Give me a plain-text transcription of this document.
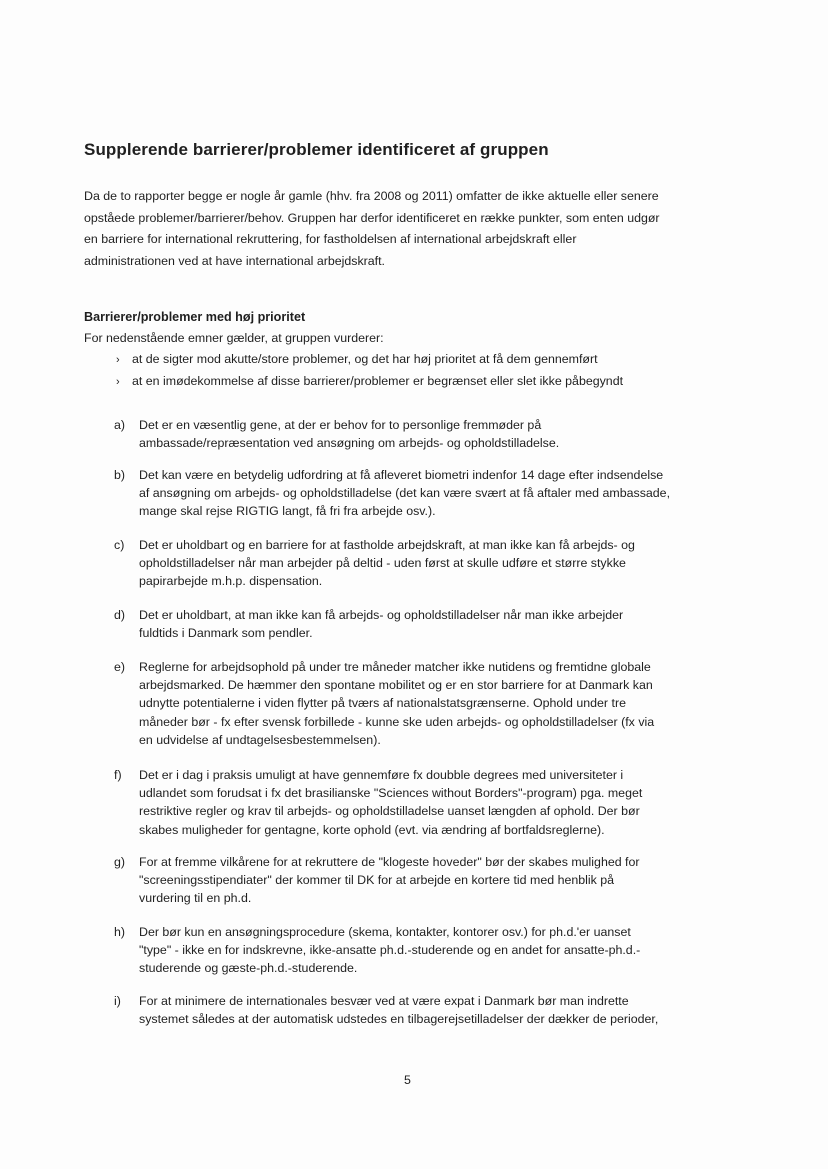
Supplerende barrierer/problemer identificeret af gruppen
Da de to rapporter begge er nogle år gamle (hhv. fra 2008 og 2011) omfatter de ikke aktuelle eller senere
opståede problemer/barrierer/behov. Gruppen har derfor identificeret en række punkter, som enten udgør
en barriere for international rekruttering, for fastholdelsen af international arbejdskraft eller
administrationen ved at have international arbejdskraft.
Barrierer/problemer med høj prioritet
For nedenstående emner gælder, at gruppen vurderer:
› at de sigter mod akutte/store problemer, og det har høj prioritet at få dem gennemført
› at en imødekommelse af disse barrierer/problemer er begrænset eller slet ikke påbegyndt
a)	Det er en væsentlig gene, at der er behov for to personlige fremmøder på
ambassade/repræsentation ved ansøgning om arbejds- og opholdstilladelse.
b)	Det kan være en betydelig udfordring at få afleveret biometri indenfor 14 dage efter indsendelse
af ansøgning om arbejds- og opholdstilladelse (det kan være svært at få aftaler med ambassade,
mange skal rejse RIGTIG langt, få fri fra arbejde osv.).
c)	Det er uholdbart og en barriere for at fastholde arbejdskraft, at man ikke kan få arbejds- og
opholdstilladelser når man arbejder på deltid - uden først at skulle udføre et større stykke
papirarbejde m.h.p. dispensation.
d)	Det er uholdbart, at man ikke kan få arbejds- og opholdstilladelser når man ikke arbejder
fuldtids i Danmark som pendler.
e)	Reglerne for arbejdsophold på under tre måneder matcher ikke nutidens og fremtidne globale
arbejdsmarked. De hæmmer den spontane mobilitet og er en stor barriere for at Danmark kan
udnytte potentialerne i viden flytter på tværs af nationalstatsgrænserne. Ophold under tre
måneder bør - fx efter svensk forbillede - kunne ske uden arbejds- og opholdstilladelser (fx via
en udvidelse af undtagelsesbestemmelsen).
f)	Det er i dag i praksis umuligt at have gennemføre fx doubble degrees med universiteter i
udlandet som forudsat i fx det brasilianske "Sciences without Borders"-program) pga. meget
restriktive regler og krav til arbejds- og opholdstilladelse uanset længden af ophold. Der bør
skabes muligheder for gentagne, korte ophold (evt. via ændring af bortfaldsreglerne).
g)	For at fremme vilkårene for at rekruttere de "klogeste hoveder" bør der skabes mulighed for
"screeningsstipendiater" der kommer til DK for at arbejde en kortere tid med henblik på
vurdering til en ph.d.
h)	Der bør kun en ansøgningsprocedure (skema, kontakter, kontorer osv.) for ph.d.'er uanset
"type" - ikke en for indskrevne, ikke-ansatte ph.d.-studerende og en andet for ansatte-ph.d.-
studerende og gæste-ph.d.-studerende.
i)	For at minimere de internationales besvær ved at være expat i Danmark bør man indrette
systemet således at der automatisk udstedes en tilbagerejsetilladelser der dækker de perioder,
5
